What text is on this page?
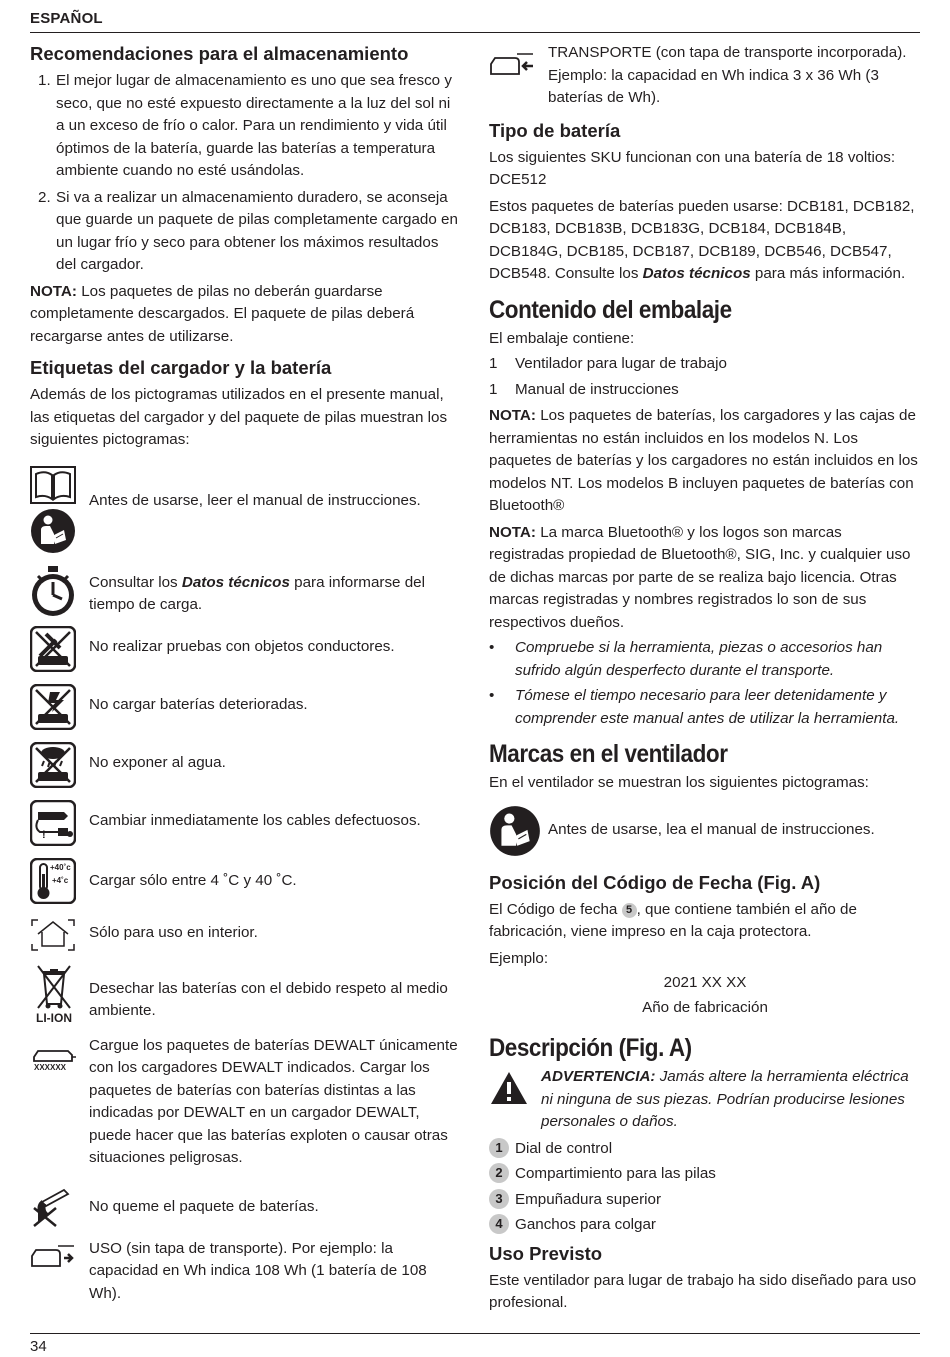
ESPAÑOL
Recomendaciones para el almacenamiento
1. El mejor lugar de almacenamiento es uno que sea fresco y seco, que no esté expuesto directamente a la luz del sol ni a un exceso de frío o calor. Para un rendimiento y vida útil óptimos de la batería, guarde las baterías a temperatura ambiente cuando no esté usándolas.
2. Si va a realizar un almacenamiento duradero, se aconseja que guarde un paquete de pilas completamente cargado en un lugar frío y seco para obtener los máximos resultados del cargador.

NOTA: Los paquetes de pilas no deberán guardarse completamente descargados. El paquete de pilas deberá recargarse antes de utilizarse.

Etiquetas del cargador y la batería

Además de los pictogramas utilizados en el presente manual, las etiquetas del cargador y del paquete de pilas muestran los siguientes pictogramas:

Antes de usarse, leer el manual de instrucciones.
Consultar los Datos técnicos para informarse del tiempo de carga.
No realizar pruebas con objetos conductores.
No cargar baterías deterioradas.
No exponer al agua.
!
Cambiar inmediatamente los cables defectuosos.
+40˚c
+4˚c	Cargar sólo entre 4 ˚C y 40 ˚C.
Sólo para uso en interior.
LI-ION
Desechar las baterías con el debido respeto al medio ambiente.
XXXXXX
Cargue los paquetes de baterías DEWALT únicamente con los cargadores DEWALT indicados. Cargar los paquetes de baterías con baterías distintas a las indicadas por DEWALT en un cargador DEWALT, puede hacer que las baterías exploten o causar otras situaciones peligrosas.
No queme el paquete de baterías.
USO (sin tapa de transporte). Por ejemplo: la capacidad en Wh indica 108 Wh (1 batería de 108 Wh).
TRANSPORTE (con tapa de transporte incorporada). Ejemplo: la capacidad en Wh indica 3 x 36 Wh (3 baterías de Wh).
Tipo de batería

Los siguientes SKU funcionan con una batería de 18 voltios: DCE512

Estos paquetes de baterías pueden usarse: DCB181, DCB182, DCB183, DCB183B, DCB183G, DCB184, DCB184B, DCB184G, DCB185, DCB187, DCB189, DCB546, DCB547, DCB548. Consulte los Datos técnicos para más información.

Contenido del embalaje

El embalaje contiene:

1	Ventilador para lugar de trabajo
1	Manual de instrucciones

NOTA: Los paquetes de baterías, los cargadores y las cajas de herramientas no están incluidos en los modelos N. Los paquetes de baterías y los cargadores no están incluidos en los modelos NT. Los modelos B incluyen paquetes de baterías con Bluetooth®

NOTA: La marca Bluetooth® y los logos son marcas registradas propiedad de Bluetooth®, SIG, Inc. y cualquier uso de dichas marcas por parte de se realiza bajo licencia. Otras marcas registradas y nombres registrados lo son de sus respectivos dueños.

• Compruebe si la herramienta, piezas o accesorios han sufrido algún desperfecto durante el transporte.
• Tómese el tiempo necesario para leer detenidamente y comprender este manual antes de utilizar la herramienta.
Marcas en el ventilador

En el ventilador se muestran los siguientes pictogramas:

Antes de usarse, lea el manual de instrucciones.
Posición del Código de Fecha (Fig. A)

El Código de fecha 5 , que contiene también el año de fabricación, viene impreso en la caja protectora.

Ejemplo:

2021 XX XX
Año de fabricación
Descripción (Fig. A)
ADVERTENCIA: Jamás altere la herramienta eléctrica ni ninguna de sus piezas. Podrían producirse lesiones personales o daños.
1 Dial de control
2 Compartimiento para las pilas
3 Empuñadura superior
4 Ganchos para colgar
Uso Previsto

Este ventilador para lugar de trabajo ha sido diseñado para uso profesional.

34
